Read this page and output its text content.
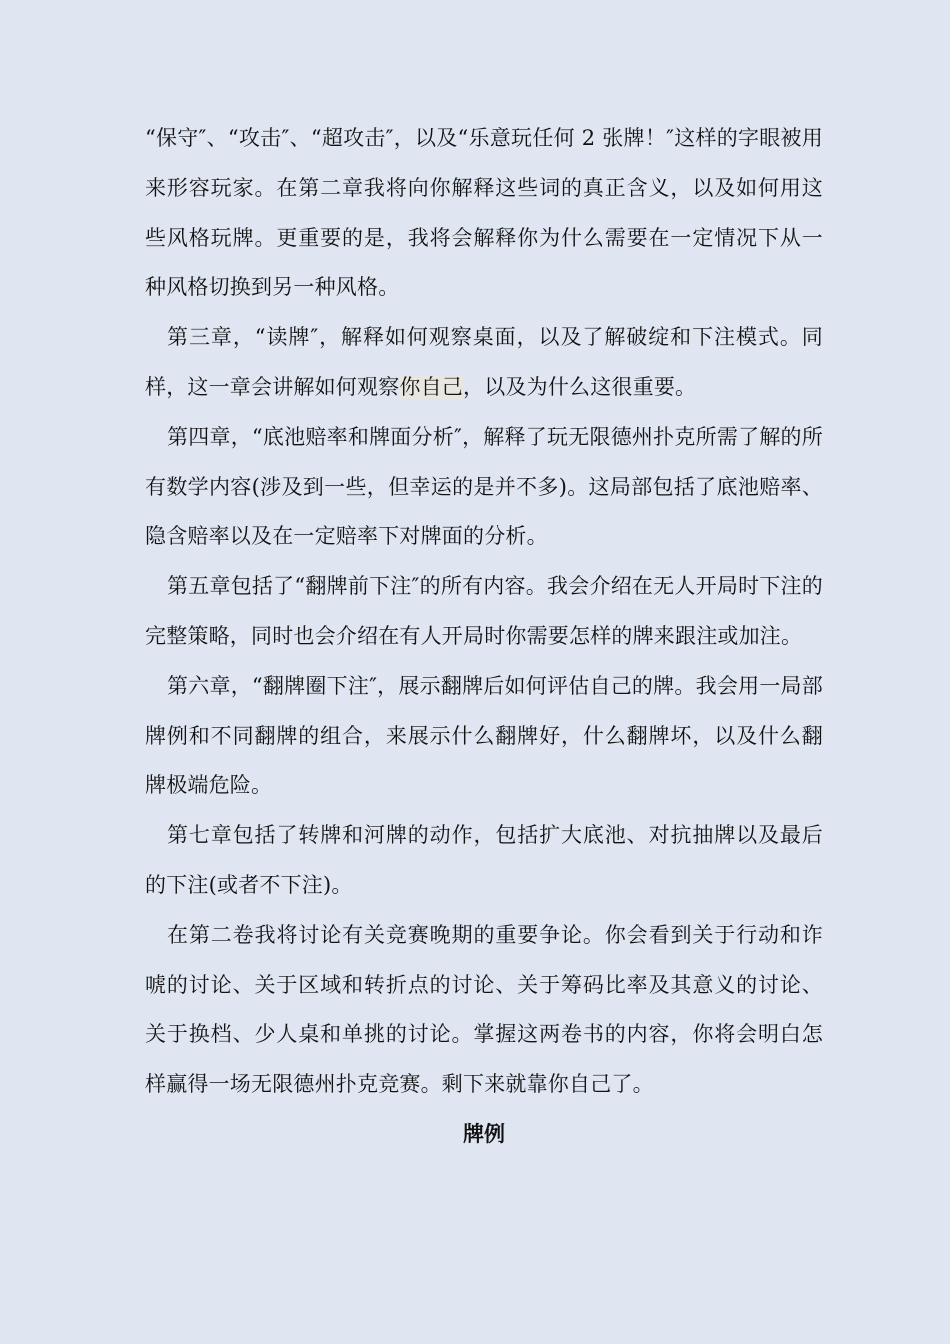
“保守″、“攻击″、“超攻击″，以及“乐意玩任何 2 张牌！″这样的字眼被用来形容玩家。在第二章我将向你解释这些词的真正含义，以及如何用这些风格玩牌。更重要的是，我将会解释你为什么需要在一定情况下从一种风格切换到另一种风格。

第三章，“读牌″，解释如何观察桌面，以及了解破绽和下注模式。同样，这一章会讲解如何观察你自己，以及为什么这很重要。

第四章，“底池赔率和牌面分析″，解释了玩无限德州扑克所需了解的所有数学内容(涉及到一些，但幸运的是并不多)。这局部包括了底池赔率、隐含赔率以及在一定赔率下对牌面的分析。

第五章包括了“翻牌前下注″的所有内容。我会介绍在无人开局时下注的完整策略，同时也会介绍在有人开局时你需要怎样的牌来跟注或加注。

第六章，“翻牌圈下注″，展示翻牌后如何评估自己的牌。我会用一局部牌例和不同翻牌的组合，来展示什么翻牌好，什么翻牌坏，以及什么翻牌极端危险。

第七章包括了转牌和河牌的动作，包括扩大底池、对抗抽牌以及最后的下注(或者不下注)。

在第二卷我将讨论有关竞赛晚期的重要争论。你会看到关于行动和诈唬的讨论、关于区域和转折点的讨论、关于筹码比率及其意义的讨论、关于换档、少人桌和单挑的讨论。掌握这两卷书的内容，你将会明白怎样赢得一场无限德州扑克竞赛。剩下来就靠你自己了。

牌例
